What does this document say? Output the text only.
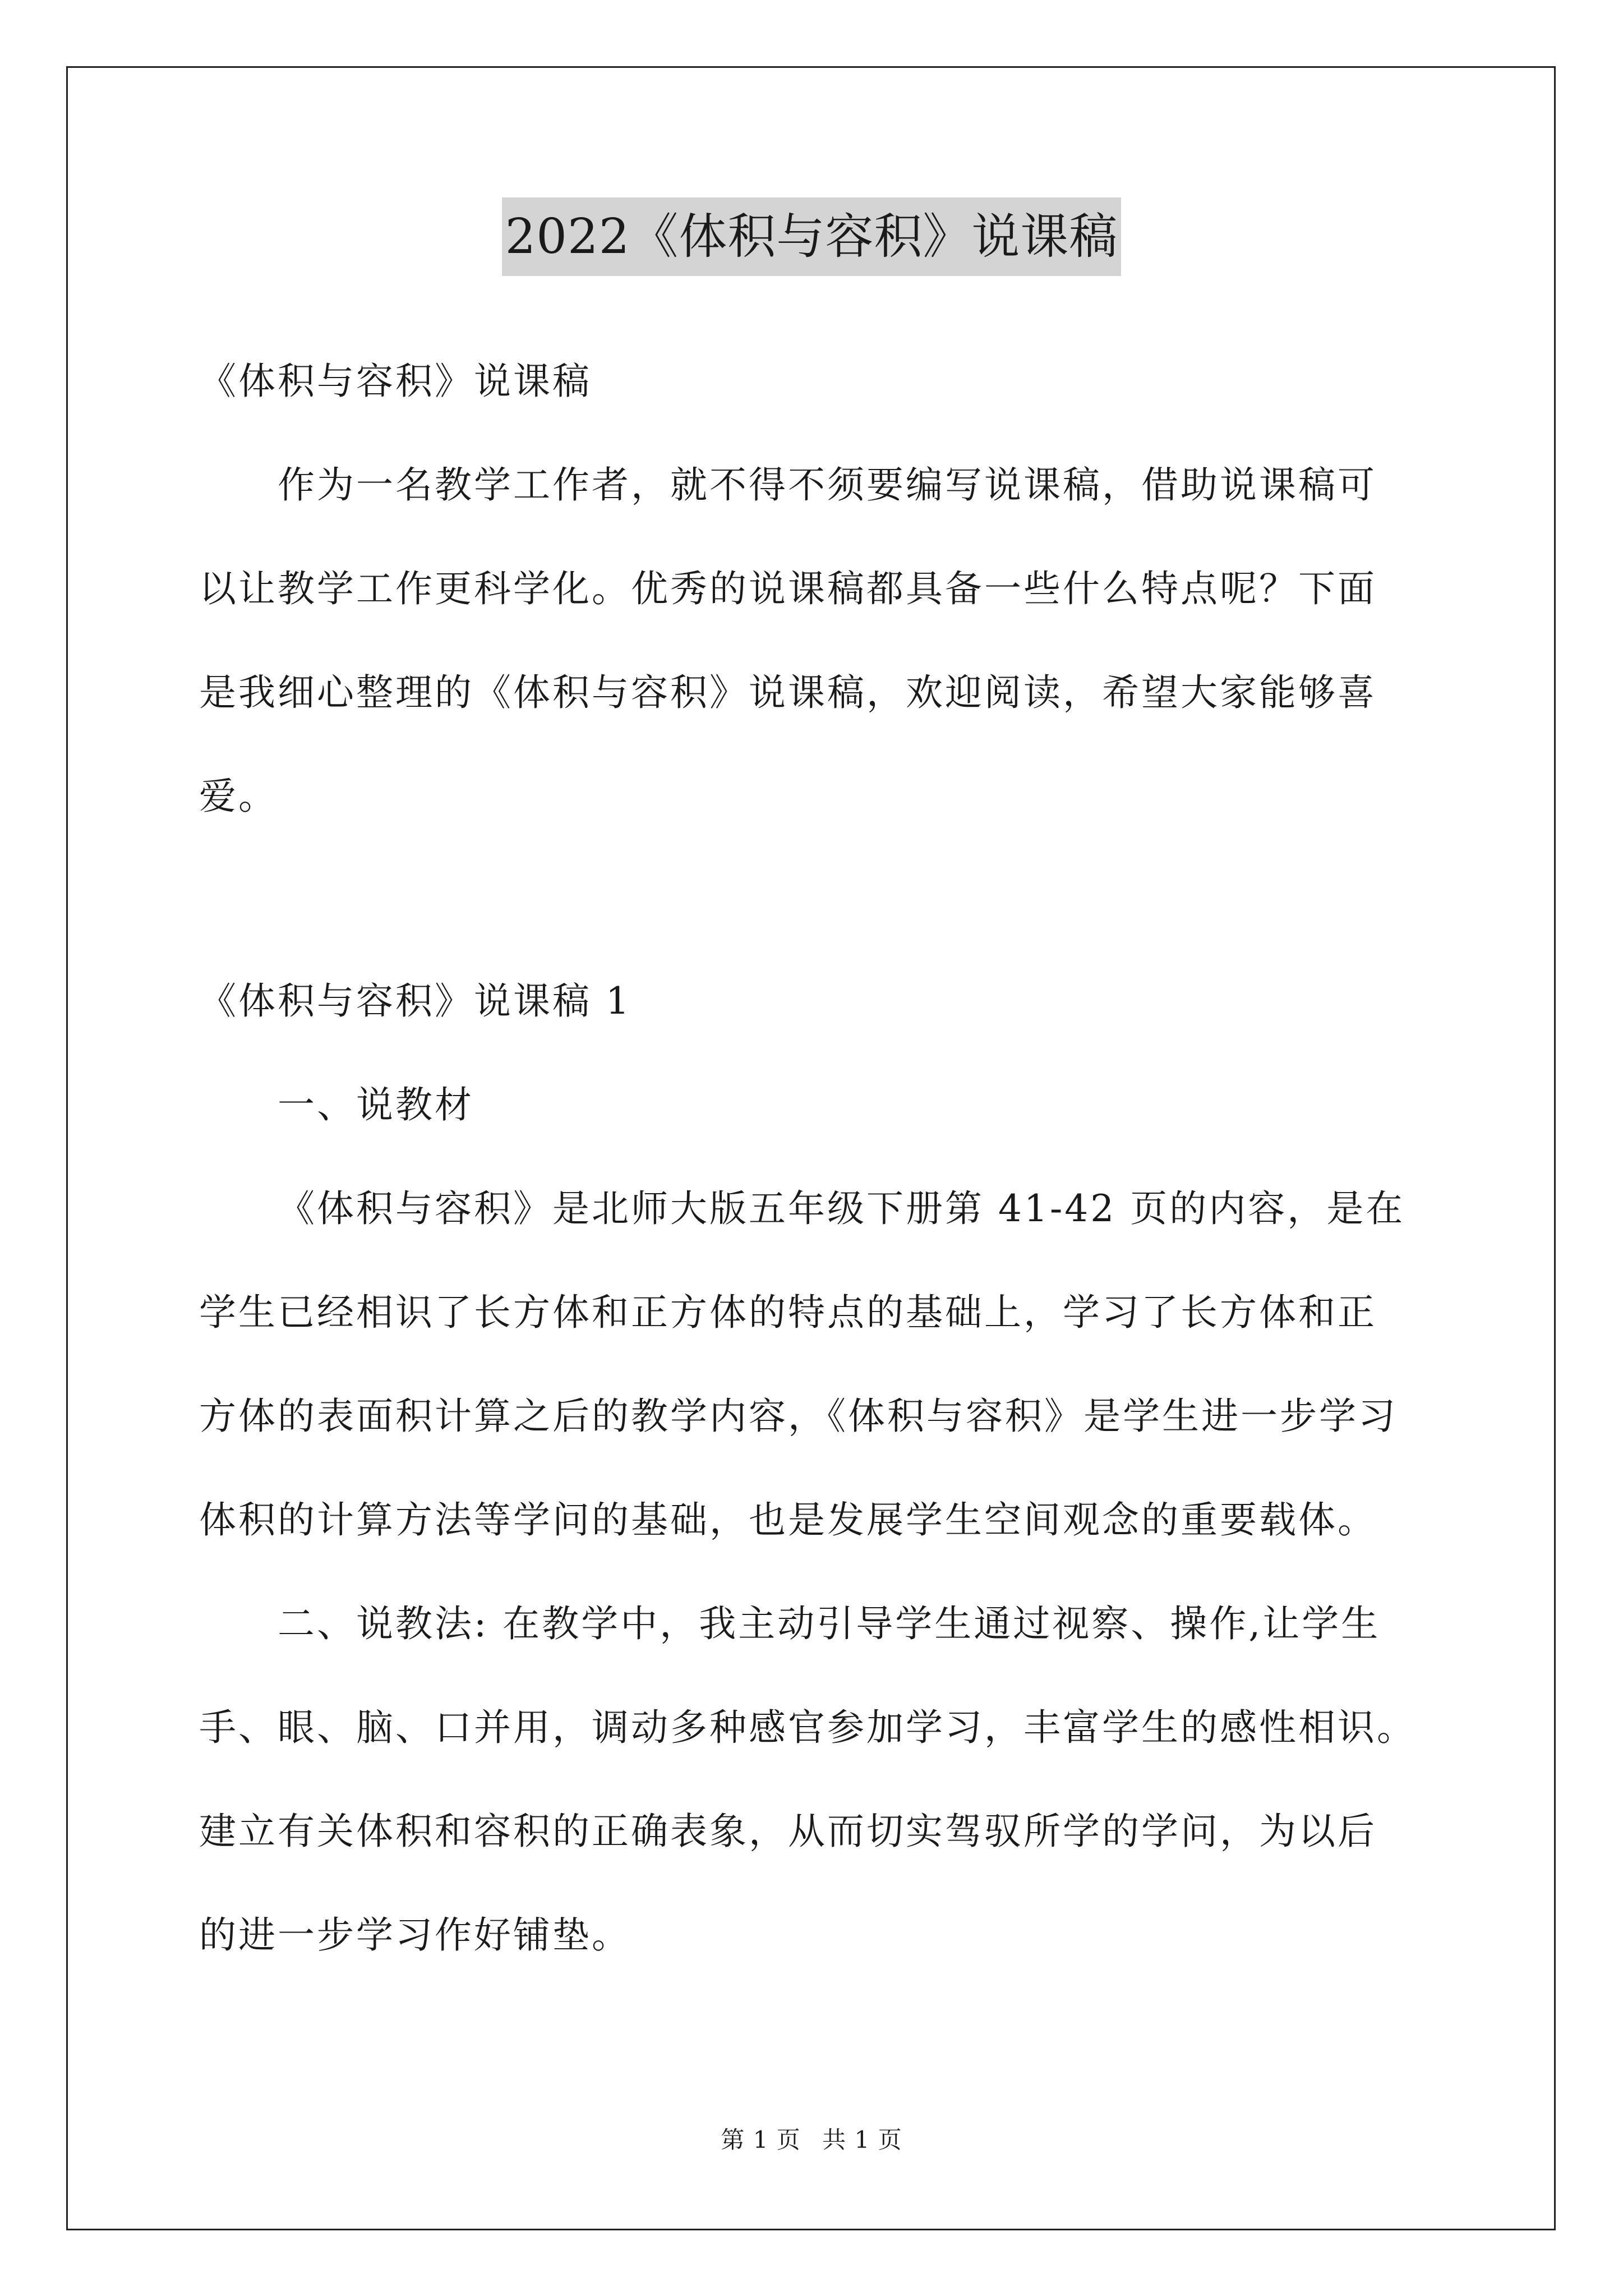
2022《体积与容积》说课稿
《体积与容积》说课稿
作为一名教学工作者，就不得不须要编写说课稿，借助说课稿可
以让教学工作更科学化。优秀的说课稿都具备一些什么特点呢？下面
是我细心整理的《体积与容积》说课稿，欢迎阅读，希望大家能够喜
爱。
《体积与容积》说课稿 1
一、说教材
《体积与容积》是北师大版五年级下册第 41-42 页的内容，是在
学生已经相识了长方体和正方体的特点的基础上，学习了长方体和正
方体的表面积计算之后的教学内容，《体积与容积》是学生进一步学习
体积的计算方法等学问的基础，也是发展学生空间观念的重要载体。
二、说教法: 在教学中，我主动引导学生通过视察、操作,让学生
手、眼、脑、口并用，调动多种感官参加学习，丰富学生的感性相识。
建立有关体积和容积的正确表象，从而切实驾驭所学的学问，为以后
的进一步学习作好铺垫。
第 1 页 共 1 页
